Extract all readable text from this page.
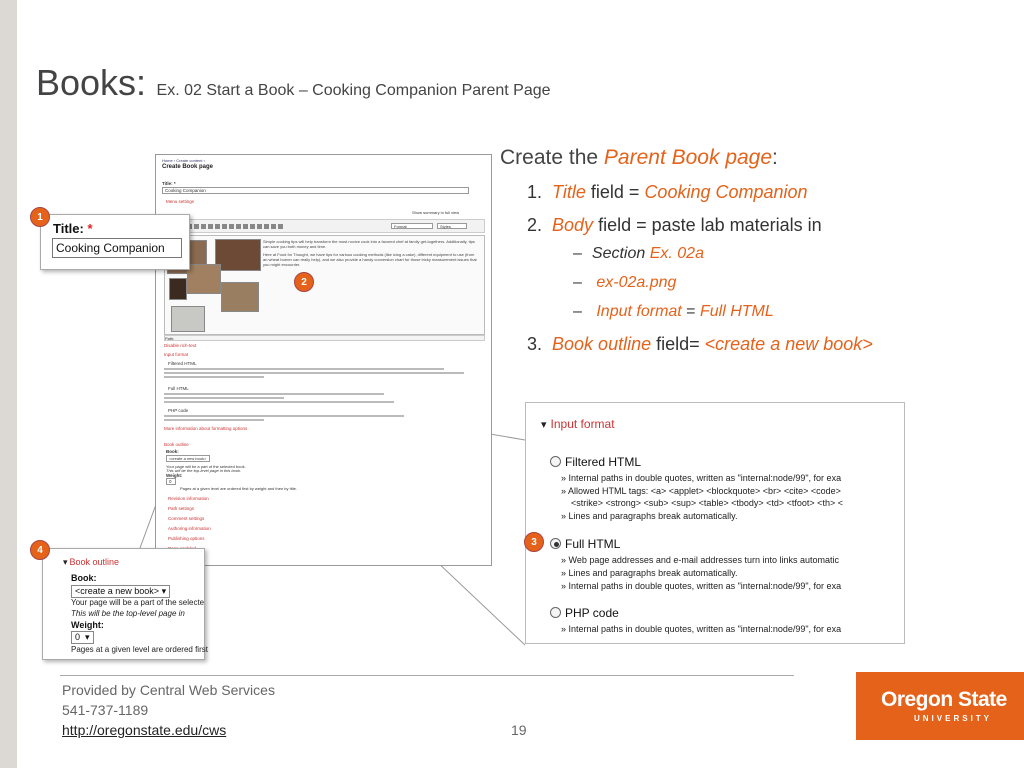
Books: Ex. 02 Start a Book – Cooking Companion Parent Page
Home › Create content ›
Create Book page
Title: *
Cooking Companion
Menu settings
Show summary in full view
Format	Styles
Simple cooking tips will help transform the most novice cook into a favored chef at family get-togethers. Additionally, tips can save you both money and time.
Here at Food for Thought, we have tips for various cooking methods (like icing a cake), different equipment to use (from an wheat burner can really help), and we also provide a handy conversion chart for those tricky measurement issues that you might encounter.
Path:
Disable rich-text
Input format
Filtered HTML
Full HTML
PHP code
More information about formatting options
Book outline
Book:
<create a new book>
Your page will be a part of the selected book.
This will be the top-level page in this book.
Weight:
0
Pages at a given level are ordered first by weight and then by title.
Revision information
Path settings
Comment settings
Authoring information
Publishing options
Title: *
Cooking Companion
▾ Book outline
Book:
<create a new book> ▾
Your page will be a part of the selecte
This will be the top-level page in
Weight:
0 ▾
Pages at a given level are ordered first
▾ Input format
Filtered HTML
» Internal paths in double quotes, written as "internal:node/99", for exa
» Allowed HTML tags: <a> <applet> <blockquote> <br> <cite> <code>
<strike> <strong> <sub> <sup> <table> <tbody> <td> <tfoot> <th> <
» Lines and paragraphs break automatically.
Full HTML
» Web page addresses and e-mail addresses turn into links automatic
» Lines and paragraphs break automatically.
» Internal paths in double quotes, written as "internal:node/99", for exa
PHP code
» Internal paths in double quotes, written as "internal:node/99", for exa
1
2
3
4
Create the Parent Book page:
1. Title field = Cooking Companion
2. Body field = paste lab materials in
– Section Ex. 02a
– ex-02a.png
– Input format = Full HTML
3. Book outline field= <create a new book>
Provided by Central Web Services
541-737-1189
http://oregonstate.edu/cws	19
Oregon State
UNIVERSITY
